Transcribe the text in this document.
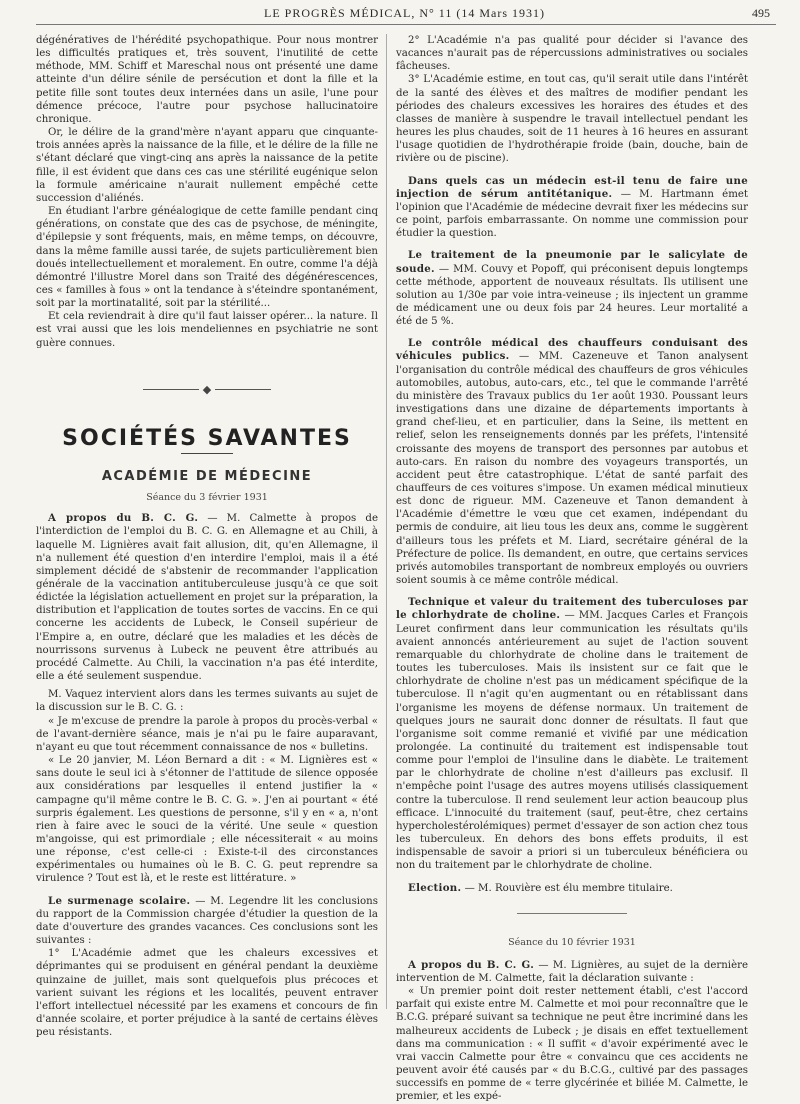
LE PROGRÈS MÉDICAL, N° 11 (14 Mars 1931)	495

dégénératives de l'hérédité psychopathique. Pour nous montrer les difficultés pratiques et, très souvent, l'inutilité de cette méthode, MM. Schiff et Mareschal nous ont présenté une dame atteinte d'un délire sénile de persécution et dont la fille et la petite fille sont toutes deux internées dans un asile, l'une pour démence précoce, l'autre pour psychose hallucinatoire chronique.

Or, le délire de la grand'mère n'ayant apparu que cinquante-trois années après la naissance de la fille, et le délire de la fille ne s'étant déclaré que vingt-cinq ans après la naissance de la petite fille, il est évident que dans ces cas une stérilité eugénique selon la formule américaine n'aurait nullement empêché cette succession d'aliénés.

En étudiant l'arbre généalogique de cette famille pendant cinq générations, on constate que des cas de psychose, de méningite, d'épilepsie y sont fréquents, mais, en même temps, on découvre, dans la même famille aussi tarée, de sujets particulièrement bien doués intellectuellement et moralement. En outre, comme l'a déjà démontré l'illustre Morel dans son Traité des dégénérescences, ces « familles à fous » ont la tendance à s'éteindre spontanément, soit par la mortinatalité, soit par la stérilité...

Et cela reviendrait à dire qu'il faut laisser opérer... la nature. Il est vrai aussi que les lois mendeliennes en psychiatrie ne sont guère connues.

◆
SOCIÉTÉS SAVANTES
ACADÉMIE DE MÉDECINE
Séance du 3 février 1931

A propos du B. C. G. — M. Calmette à propos de l'interdiction de l'emploi du B. C. G. en Allemagne et au Chili, à laquelle M. Lignières avait fait allusion, dit, qu'en Allemagne, il n'a nullement été question d'en interdire l'emploi, mais il a été simplement décidé de s'abstenir de recommander l'application générale de la vaccination antituberculeuse jusqu'à ce que soit édictée la législation actuellement en projet sur la préparation, la distribution et l'application de toutes sortes de vaccins. En ce qui concerne les accidents de Lubeck, le Conseil supérieur de l'Empire a, en outre, déclaré que les maladies et les décès de nourrissons survenus à Lubeck ne peuvent être attribués au procédé Calmette. Au Chili, la vaccination n'a pas été interdite, elle a été seulement suspendue.

M. Vaquez intervient alors dans les termes suivants au sujet de la discussion sur le B. C. G. :

« Je m'excuse de prendre la parole à propos du procès-verbal « de l'avant-dernière séance, mais je n'ai pu le faire auparavant, n'ayant eu que tout récemment connaissance de nos « bulletins.

« Le 20 janvier, M. Léon Bernard a dit : « M. Lignières est « sans doute le seul ici à s'étonner de l'attitude de silence opposée aux considérations par lesquelles il entend justifier la « campagne qu'il même contre le B. C. G. ». J'en ai pourtant « été surpris également. Les questions de personne, s'il y en « a, n'ont rien à faire avec le souci de la vérité. Une seule « question m'angoisse, qui est primordiale ; elle nécessiterait « au moins une réponse, c'est celle-ci : Existe-t-il des circonstances expérimentales ou humaines où le B. C. G. peut reprendre sa virulence ? Tout est là, et le reste est littérature. »

Le surmenage scolaire. — M. Legendre lit les conclusions du rapport de la Commission chargée d'étudier la question de la date d'ouverture des grandes vacances. Ces conclusions sont les suivantes :

1° L'Académie admet que les chaleurs excessives et déprimantes qui se produisent en général pendant la deuxième quinzaine de juillet, mais sont quelquefois plus précoces et varient suivant les régions et les localités, peuvent entraver l'effort intellectuel nécessité par les examens et concours de fin d'année scolaire, et porter préjudice à la santé de certains élèves peu résistants.

2° L'Académie n'a pas qualité pour décider si l'avance des vacances n'aurait pas de répercussions administratives ou sociales fâcheuses.

3° L'Académie estime, en tout cas, qu'il serait utile dans l'intérêt de la santé des élèves et des maîtres de modifier pendant les périodes des chaleurs excessives les horaires des études et des classes de manière à suspendre le travail intellectuel pendant les heures les plus chaudes, soit de 11 heures à 16 heures en assurant l'usage quotidien de l'hydrothérapie froide (bain, douche, bain de rivière ou de piscine).

Dans quels cas un médecin est-il tenu de faire une injection de sérum antitétanique. — M. Hartmann émet l'opinion que l'Académie de médecine devrait fixer les médecins sur ce point, parfois embarrassante. On nomme une commission pour étudier la question.

Le traitement de la pneumonie par le salicylate de soude. — MM. Couvy et Popoff, qui préconisent depuis longtemps cette méthode, apportent de nouveaux résultats. Ils utilisent une solution au 1/30e par voie intra-veineuse ; ils injectent un gramme de médicament une ou deux fois par 24 heures. Leur mortalité a été de 5 %.

Le contrôle médical des chauffeurs conduisant des véhicules publics. — MM. Cazeneuve et Tanon analysent l'organisation du contrôle médical des chauffeurs de gros véhicules automobiles, autobus, auto-cars, etc., tel que le commande l'arrêté du ministère des Travaux publics du 1er août 1930. Poussant leurs investigations dans une dizaine de départements importants à grand chef-lieu, et en particulier, dans la Seine, ils mettent en relief, selon les renseignements donnés par les préfets, l'intensité croissante des moyens de transport des personnes par autobus et auto-cars. En raison du nombre des voyageurs transportés, un accident peut être catastrophique. L'état de santé parfait des chauffeurs de ces voitures s'impose. Un examen médical minutieux est donc de rigueur. MM. Cazeneuve et Tanon demandent à l'Académie d'émettre le vœu que cet examen, indépendant du permis de conduire, ait lieu tous les deux ans, comme le suggèrent d'ailleurs tous les préfets et M. Liard, secrétaire général de la Préfecture de police. Ils demandent, en outre, que certains services privés automobiles transportant de nombreux employés ou ouvriers soient soumis à ce même contrôle médical.

Technique et valeur du traitement des tuberculoses par le chlorhydrate de choline. — MM. Jacques Carles et François Leuret confirment dans leur communication les résultats qu'ils avaient annoncés antérieurement au sujet de l'action souvent remarquable du chlorhydrate de choline dans le traitement de toutes les tuberculoses. Mais ils insistent sur ce fait que le chlorhydrate de choline n'est pas un médicament spécifique de la tuberculose. Il n'agit qu'en augmentant ou en rétablissant dans l'organisme les moyens de défense normaux. Un traitement de quelques jours ne saurait donc donner de résultats. Il faut que l'organisme soit comme remanié et vivifié par une médication prolongée. La continuité du traitement est indispensable tout comme pour l'emploi de l'insuline dans le diabète. Le traitement par le chlorhydrate de choline n'est d'ailleurs pas exclusif. Il n'empêche point l'usage des autres moyens utilisés classiquement contre la tuberculose. Il rend seulement leur action beaucoup plus efficace. L'innocuité du traitement (sauf, peut-être, chez certains hypercholestérolémiques) permet d'essayer de son action chez tous les tuberculeux. En dehors des bons effets produits, il est indispensable de savoir a priori si un tuberculeux bénéficiera ou non du traitement par le chlorhydrate de choline.

Election. — M. Rouvière est élu membre titulaire.

Séance du 10 février 1931

A propos du B. C. G. — M. Lignières, au sujet de la dernière intervention de M. Calmette, fait la déclaration suivante :

« Un premier point doit rester nettement établi, c'est l'accord parfait qui existe entre M. Calmette et moi pour reconnaître que le B.C.G. préparé suivant sa technique ne peut être incriminé dans les malheureux accidents de Lubeck ; je disais en effet textuellement dans ma communication : « Il suffit « d'avoir expérimenté avec le vrai vaccin Calmette pour être « convaincu que ces accidents ne peuvent avoir été causés par « du B.C.G., cultivé par des passages successifs en pomme de « terre glycérinée et biliée M. Calmette, le premier, et les expé-
